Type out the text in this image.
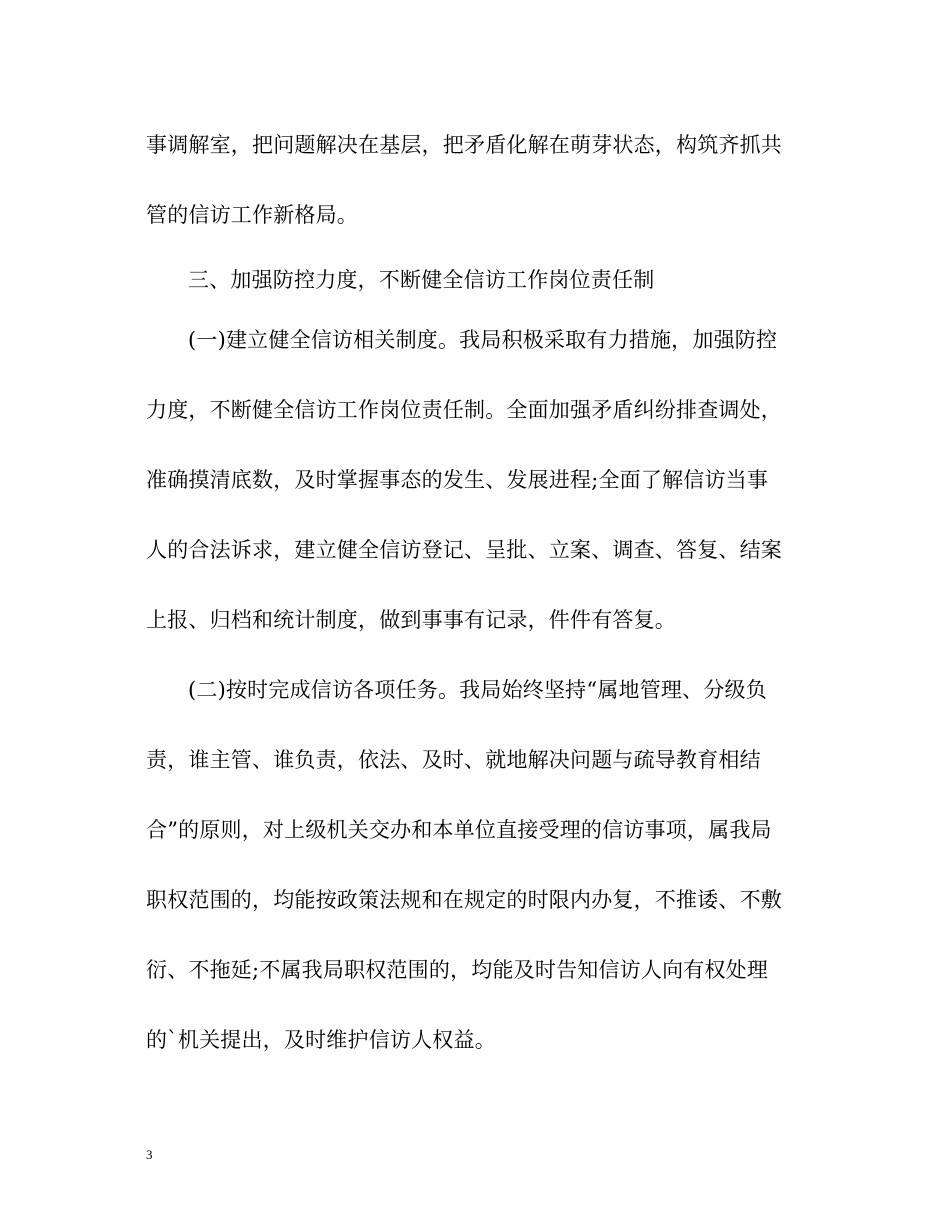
事调解室，把问题解决在基层，把矛盾化解在萌芽状态，构筑齐抓共
管的信访工作新格局。
三、加强防控力度，不断健全信访工作岗位责任制
(一)建立健全信访相关制度。我局积极采取有力措施，加强防控
力度，不断健全信访工作岗位责任制。全面加强矛盾纠纷排查调处，
准确摸清底数，及时掌握事态的发生、发展进程;全面了解信访当事
人的合法诉求，建立健全信访登记、呈批、立案、调查、答复、结案
上报、归档和统计制度，做到事事有记录，件件有答复。
(二)按时完成信访各项任务。我局始终坚持“属地管理、分级负
责，谁主管、谁负责，依法、及时、就地解决问题与疏导教育相结
合”的原则，对上级机关交办和本单位直接受理的信访事项，属我局
职权范围的，均能按政策法规和在规定的时限内办复，不推诿、不敷
衍、不拖延;不属我局职权范围的，均能及时告知信访人向有权处理
的`机关提出，及时维护信访人权益。
3
